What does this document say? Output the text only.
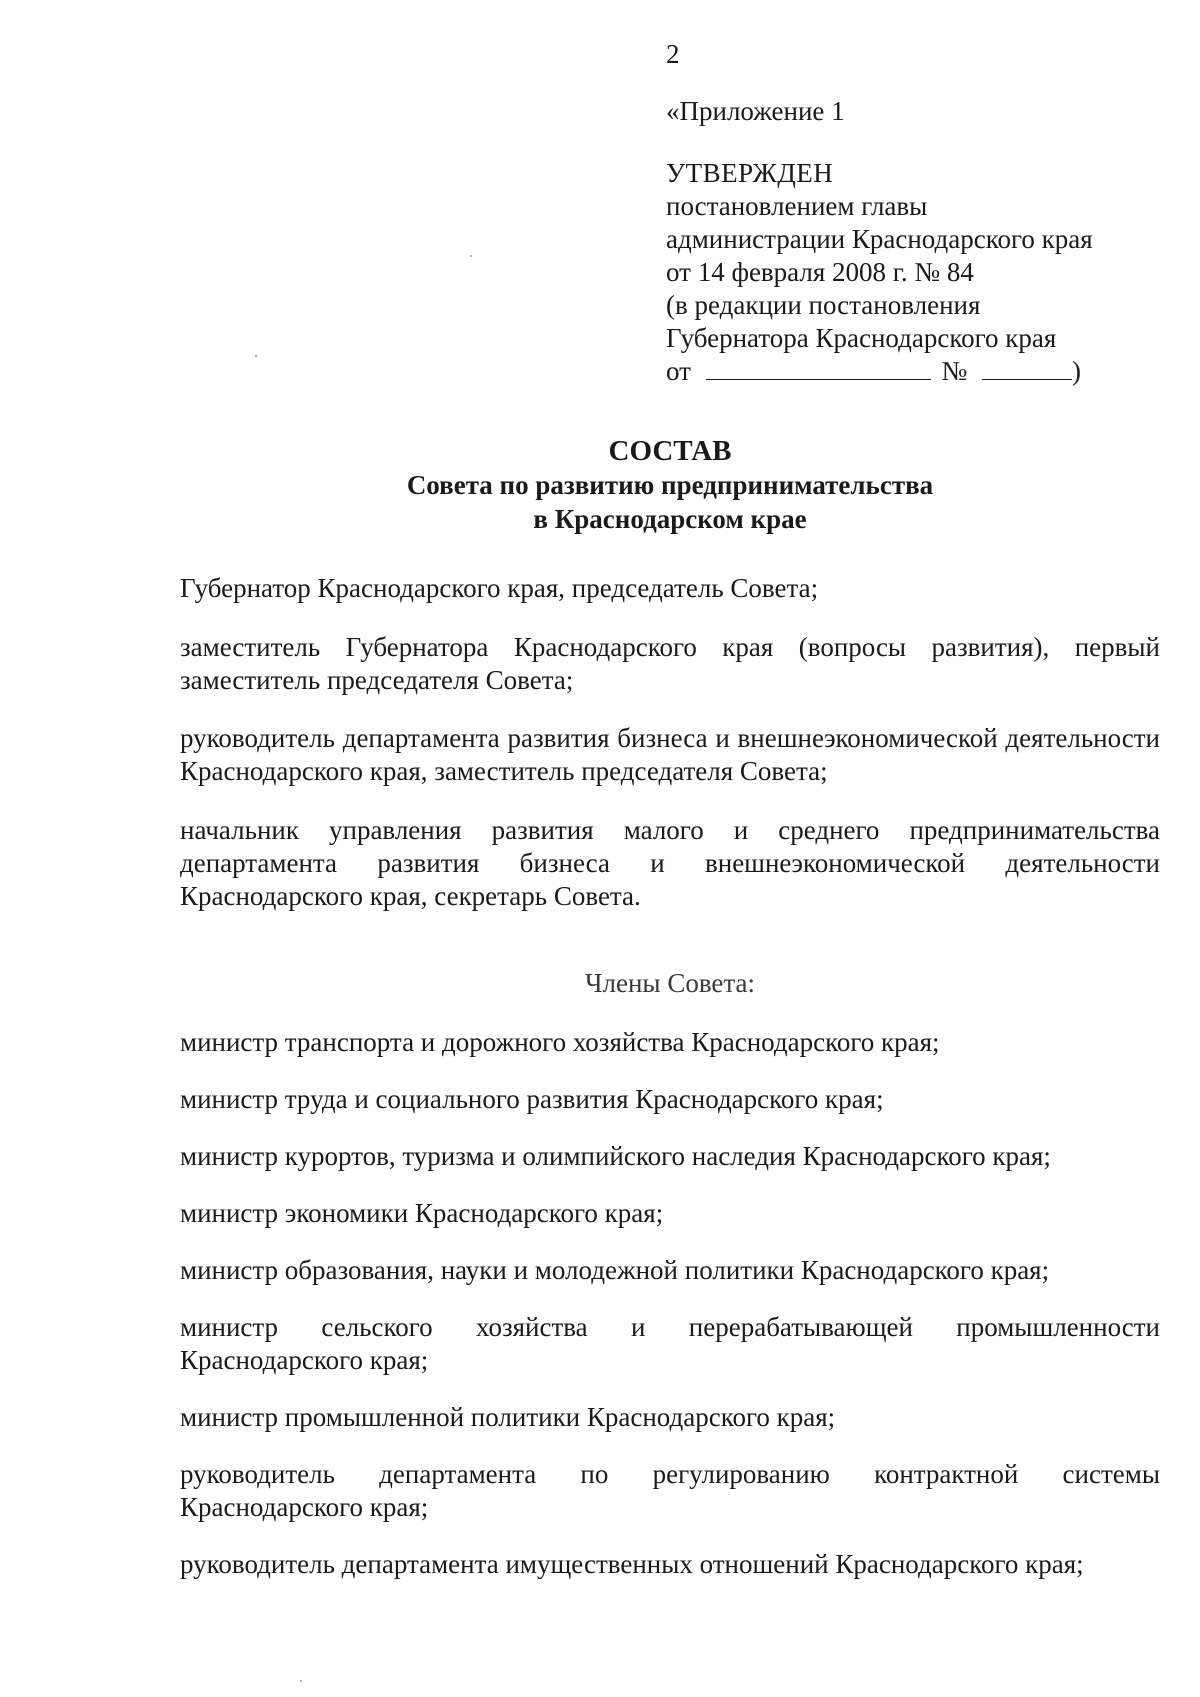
2
«Приложение 1
УТВЕРЖДЕН
постановлением главы
администрации Краснодарского края
от 14 февраля 2008 г. № 84
(в редакции постановления
Губернатора Краснодарского края
от	№	)
СОСТАВ
Совета по развитию предпринимательства
в Краснодарском крае
Губернатор Краснодарского края, председатель Совета;
заместитель Губернатора Краснодарского края (вопросы развития), первый заместитель председателя Совета;
руководитель департамента развития бизнеса и внешнеэкономической деятельности Краснодарского края, заместитель председателя Совета;
начальник управления развития малого и среднего предпринимательства департамента развития бизнеса и внешнеэкономической деятельности Краснодарского края, секретарь Совета.
Члены Совета:
министр транспорта и дорожного хозяйства Краснодарского края;
министр труда и социального развития Краснодарского края;
министр курортов, туризма и олимпийского наследия Краснодарского края;
министр экономики Краснодарского края;
министр образования, науки и молодежной политики Краснодарского края;
министр сельского хозяйства и перерабатывающей промышленности Краснодарского края;
министр промышленной политики Краснодарского края;
руководитель департамента по регулированию контрактной системы Краснодарского края;
руководитель департамента имущественных отношений Краснодарского края;
